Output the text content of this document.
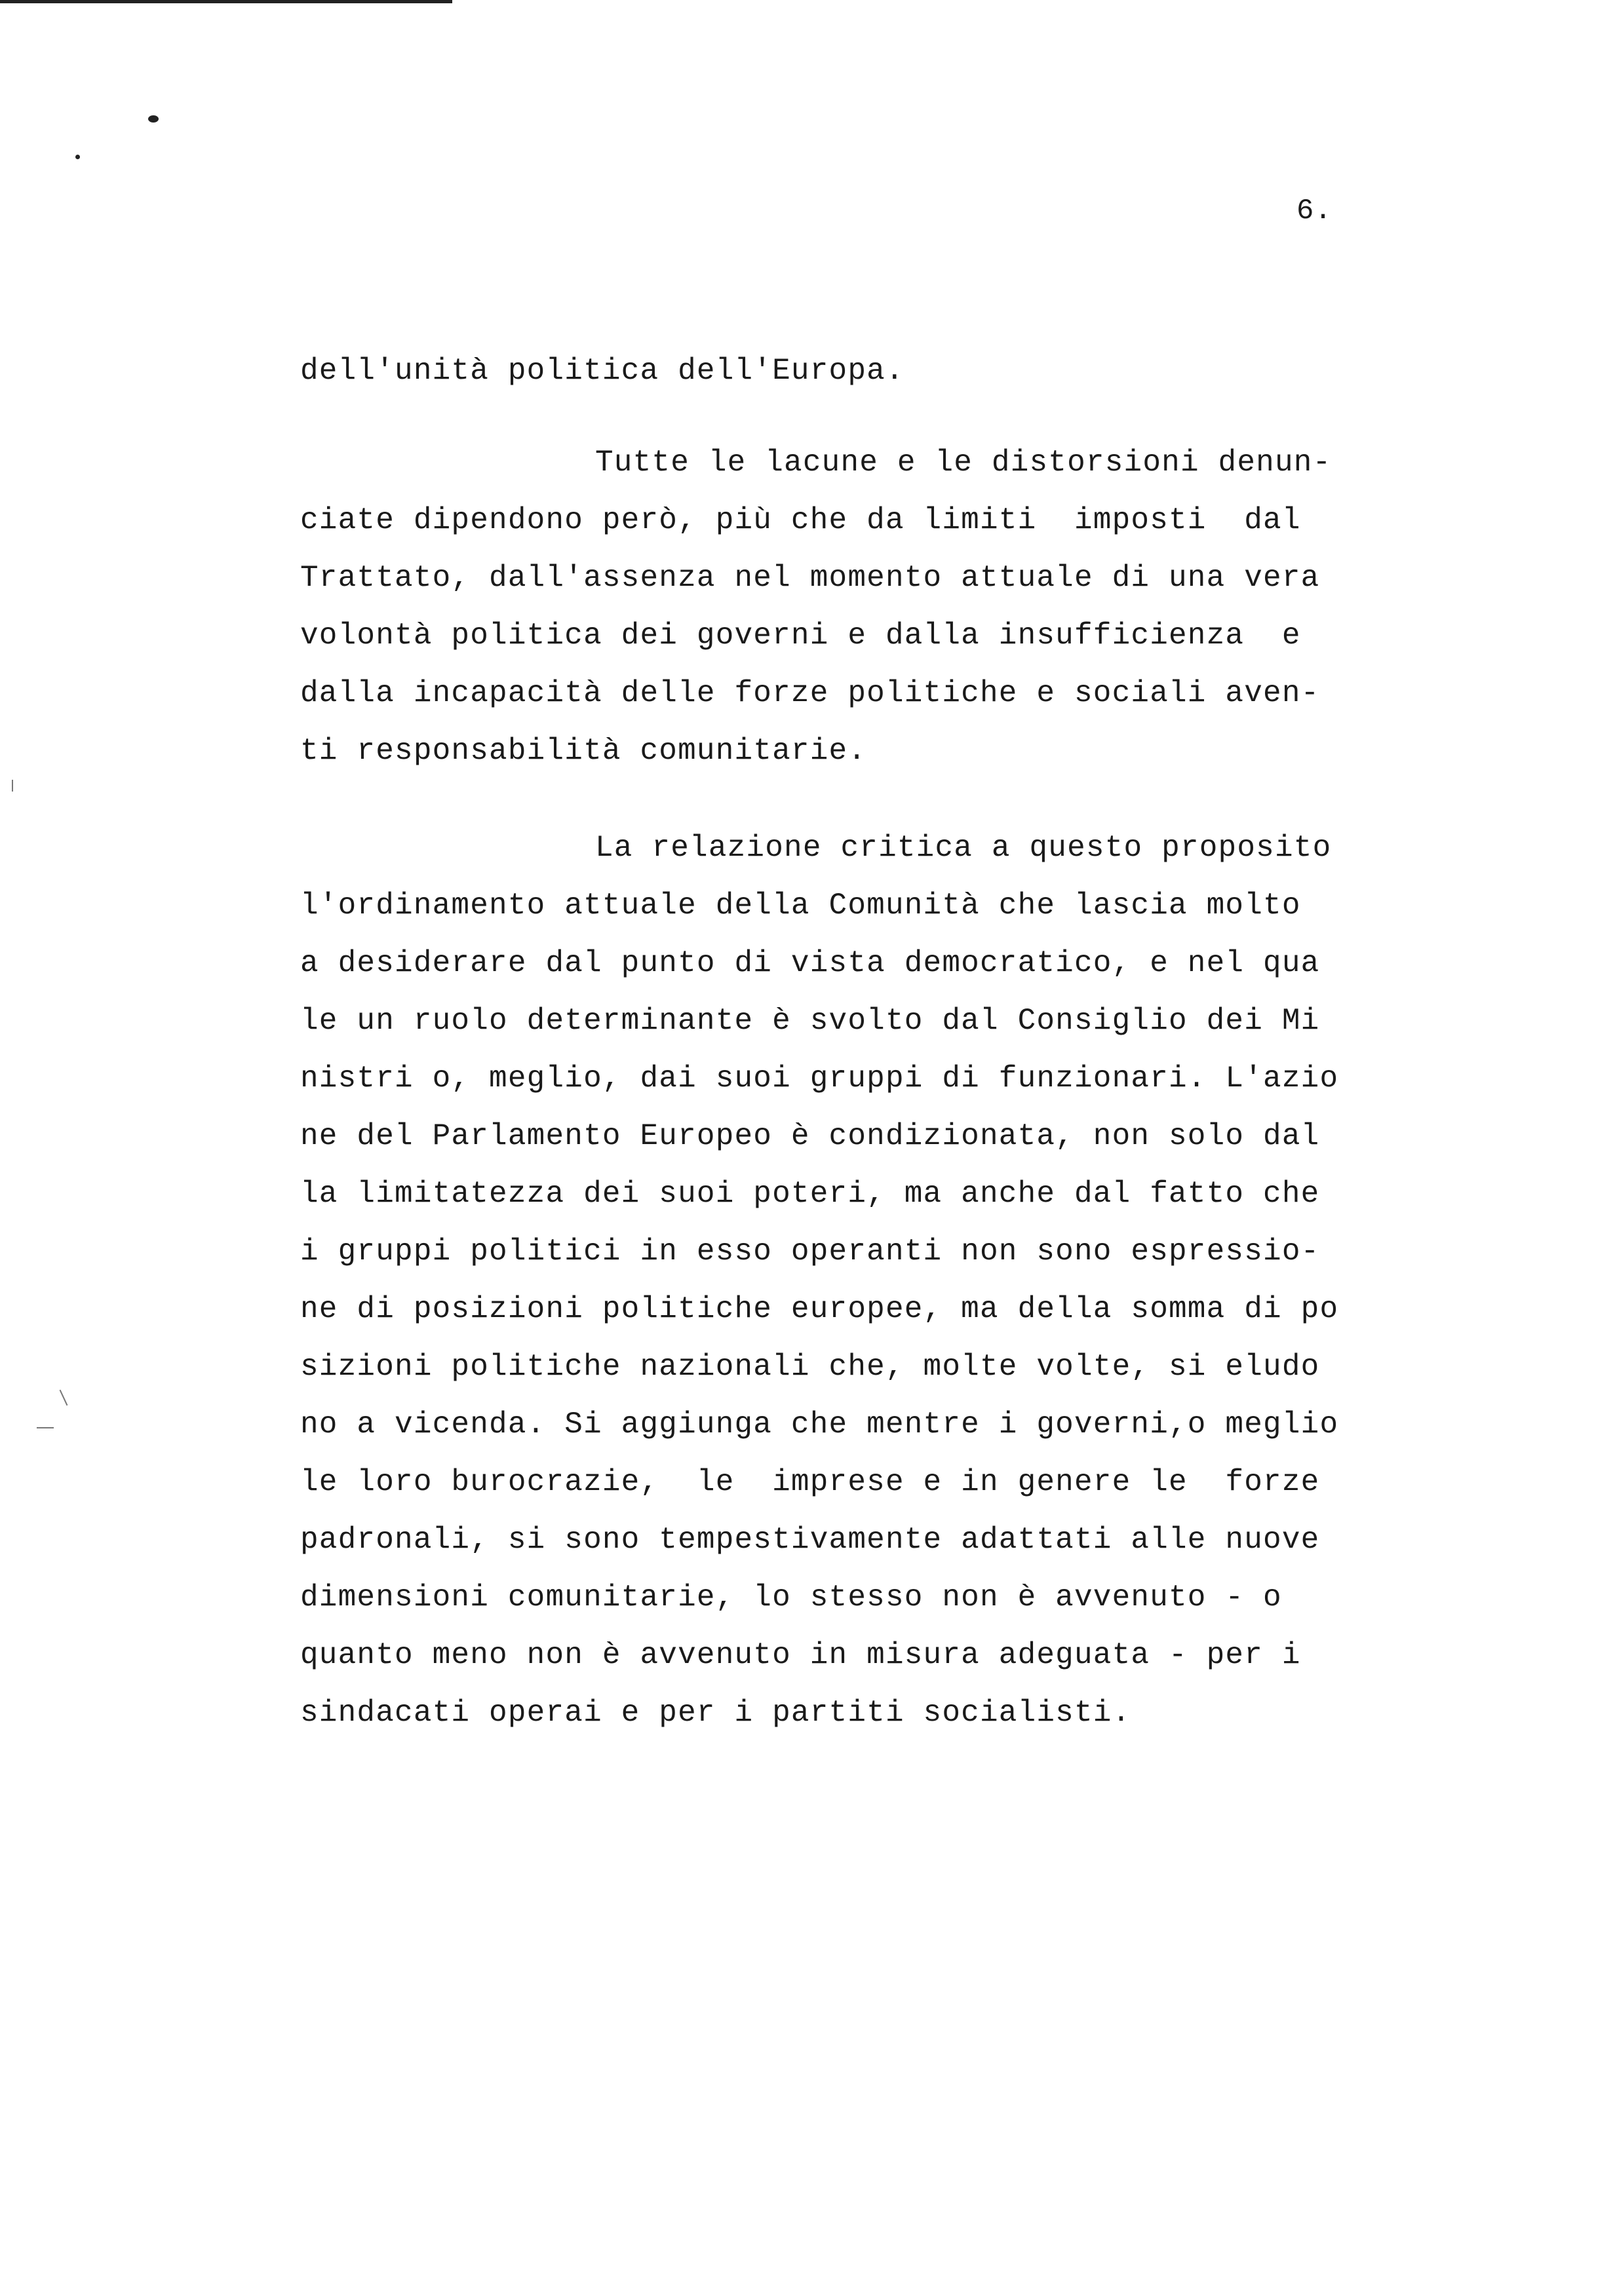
6.
dell'unità politica dell'Europa.
Tutte le lacune e le distorsioni denun-
ciate dipendono però, più che da limiti  imposti  dal
Trattato, dall'assenza nel momento attuale di una vera
volontà politica dei governi e dalla insufficienza  e
dalla incapacità delle forze politiche e sociali aven-
ti responsabilità comunitarie.
La relazione critica a questo proposito
l'ordinamento attuale della Comunità che lascia molto
a desiderare dal punto di vista democratico, e nel qua
le un ruolo determinante è svolto dal Consiglio dei Mi
nistri o, meglio, dai suoi gruppi di funzionari. L'azio
ne del Parlamento Europeo è condizionata, non solo dal
la limitatezza dei suoi poteri, ma anche dal fatto che
i gruppi politici in esso operanti non sono espressio-
ne di posizioni politiche europee, ma della somma di po
sizioni politiche nazionali che, molte volte, si eludo
no a vicenda. Si aggiunga che mentre i governi,o meglio
le loro burocrazie,  le  imprese e in genere le  forze
padronali, si sono tempestivamente adattati alle nuove
dimensioni comunitarie, lo stesso non è avvenuto - o
quanto meno non è avvenuto in misura adeguata - per i
sindacati operai e per i partiti socialisti.
